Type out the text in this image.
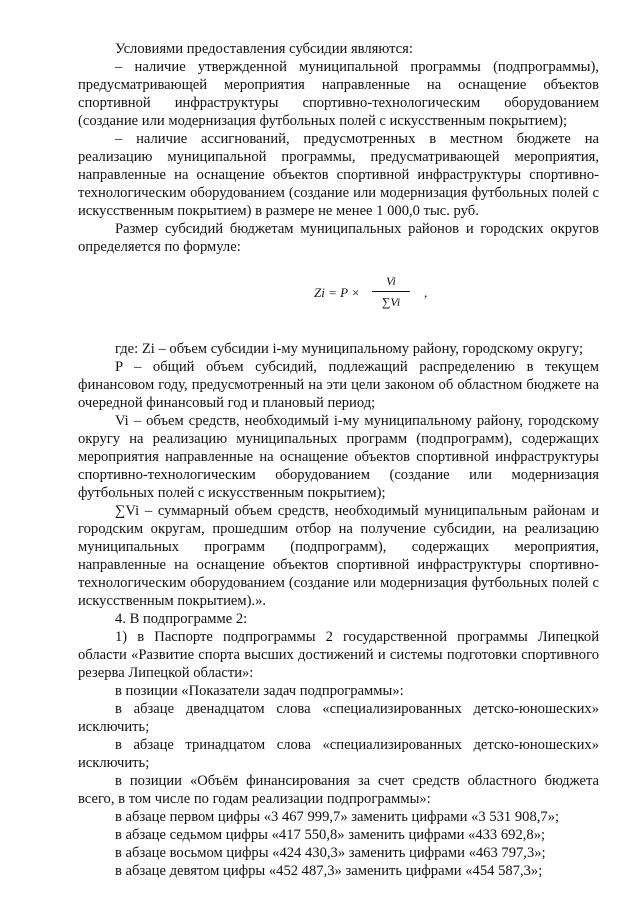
Условиями предоставления субсидии являются:

– наличие утвержденной муниципальной программы (подпрограммы), предусматривающей мероприятия направленные на оснащение объектов спортивной инфраструктуры спортивно-технологическим оборудованием (создание или модернизация футбольных полей с искусственным покрытием);

– наличие ассигнований, предусмотренных в местном бюджете на реализацию муниципальной программы, предусматривающей мероприятия, направленные на оснащение объектов спортивной инфраструктуры спортивно-технологическим оборудованием (создание или модернизация футбольных полей с искусственным покрытием) в размере не менее 1 000,0 тыс. руб.

Размер субсидий бюджетам муниципальных районов и городских округов определяется по формуле:

Zi = P ×
Vi
∑Vi
,

где: Zi – объем субсидии i-му муниципальному району, городскому округу;

P – общий объем субсидий, подлежащий распределению в текущем финансовом году, предусмотренный на эти цели законом об областном бюджете на очередной финансовый год и плановый период;

Vi – объем средств, необходимый i-му муниципальному району, городскому округу на реализацию муниципальных программ (подпрограмм), содержащих мероприятия направленные на оснащение объектов спортивной инфраструктуры спортивно-технологическим оборудованием (создание или модернизация футбольных полей с искусственным покрытием);

∑Vi – суммарный объем средств, необходимый муниципальным районам и городским округам, прошедшим отбор на получение субсидии, на реализацию муниципальных программ (подпрограмм), содержащих мероприятия, направленные на оснащение объектов спортивной инфраструктуры спортивно-технологическим оборудованием (создание или модернизация футбольных полей с искусственным покрытием).».

4. В подпрограмме 2:

1) в Паспорте подпрограммы 2 государственной программы Липецкой области «Развитие спорта высших достижений и системы подготовки спортивного резерва Липецкой области»:

в позиции «Показатели задач подпрограммы»:

в абзаце двенадцатом слова «специализированных детско-юношеских» исключить;

в абзаце тринадцатом слова «специализированных детско-юношеских» исключить;

в позиции «Объём финансирования за счет средств областного бюджета всего, в том числе по годам реализации подпрограммы»:

в абзаце первом цифры «3 467 999,7» заменить цифрами «3 531 908,7»;

в абзаце седьмом цифры «417 550,8» заменить цифрами «433 692,8»;

в абзаце восьмом цифры «424 430,3» заменить цифрами «463 797,3»;

в абзаце девятом цифры «452 487,3» заменить цифрами «454 587,3»;
